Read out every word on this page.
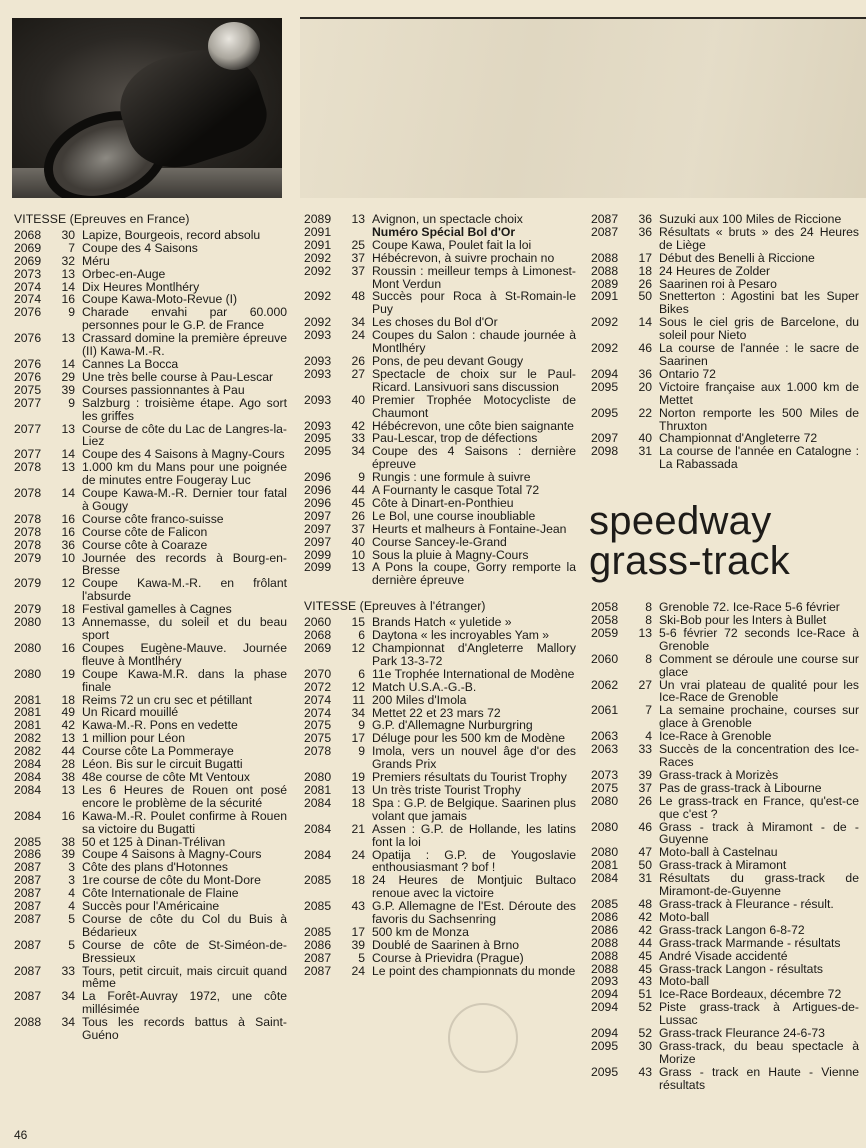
VITESSE (Epreuves en France)
2068	30 Lapize, Bourgeois, record absolu
2069	7 Coupe des 4 Saisons
2069	32 Méru
2073	13 Orbec-en-Auge
2074	14 Dix Heures Montlhéry
2074	16 Coupe Kawa-Moto-Revue (I)
2076	9 Charade envahi par 60.000 personnes pour le G.P. de France
2076	13 Crassard domine la première épreuve (II) Kawa-M.-R.
2076	14 Cannes La Bocca
2076	29 Une très belle course à Pau-Lescar
2075	39 Courses passionnantes à Pau
2077	9 Salzburg : troisième étape. Ago sort les griffes
2077	13 Course de côte du Lac de Langres-la-Liez
2077	14 Coupe des 4 Saisons à Magny-Cours
2078	13 1.000 km du Mans pour une poignée de minutes entre Fougeray Luc
2078	14 Coupe Kawa-M.-R. Dernier tour fatal à Gougy
2078	16 Course côte franco-suisse
2078	16 Course côte de Falicon
2078	36 Course côte à Coaraze
2079	10 Journée des records à Bourg-en-Bresse
2079	12 Coupe Kawa-M.-R. en frôlant l'absurde
2079	18 Festival gamelles à Cagnes
2080	13 Annemasse, du soleil et du beau sport
2080	16 Coupes Eugène-Mauve. Journée fleuve à Montlhéry
2080	19 Coupe Kawa-M.R. dans la phase finale
2081	18 Reims 72 un cru sec et pétillant
2081	49 Un Ricard mouillé
2081	42 Kawa-M.-R. Pons en vedette
2082	13 1 million pour Léon
2082	44 Course côte La Pommeraye
2084	28 Léon. Bis sur le circuit Bugatti
2084	38 48e course de côte Mt Ventoux
2084	13 Les 6 Heures de Rouen ont posé encore le problème de la sécurité
2084	16 Kawa-M.-R. Poulet confirme à Rouen sa victoire du Bugatti
2085	38 50 et 125 à Dinan-Trélivan
2086	39 Coupe 4 Saisons à Magny-Cours
2087	3 Côte des plans d'Hotonnes
2087	3 1re course de côte du Mont-Dore
2087	4 Côte Internationale de Flaine
2087	4 Succès pour l'Américaine
2087	5 Course de côte du Col du Buis à Bédarieux
2087	5 Course de côte de St-Siméon-de-Bressieux
2087	33 Tours, petit circuit, mais circuit quand même
2087	34 La Forêt-Auvray 1972, une côte millésimée
2088	34 Tous les records battus à Saint-Guéno
2089	13 Avignon, un spectacle choix
2091	Numéro Spécial Bol d'Or
2091	25 Coupe Kawa, Poulet fait la loi
2092	37 Hébécrevon, à suivre prochain no
2092	37 Roussin : meilleur temps à Limonest-Mont Verdun
2092	48 Succès pour Roca à St-Romain-le Puy
2092	34 Les choses du Bol d'Or
2093	24 Coupes du Salon : chaude journée à Montlhéry
2093	26 Pons, de peu devant Gougy
2093	27 Spectacle de choix sur le Paul-Ricard. Lansivuori sans discussion
2093	40 Premier Trophée Motocycliste de Chaumont
2093	42 Hébécrevon, une côte bien saignante
2095	33 Pau-Lescar, trop de défections
2095	34 Coupe des 4 Saisons : dernière épreuve
2096	9 Rungis : une formule à suivre
2096	44 A Fournanty le casque Total 72
2096	45 Côte à Dinart-en-Ponthieu
2097	26 Le Bol, une course inoubliable
2097	37 Heurts et malheurs à Fontaine-Jean
2097	40 Course Sancey-le-Grand
2099	10 Sous la pluie à Magny-Cours
2099	13 A Pons la coupe, Gorry remporte la dernière épreuve
VITESSE (Epreuves à l'étranger)
2060	15 Brands Hatch « yuletide »
2068	6 Daytona « les incroyables Yam »
2069	12 Championnat d'Angleterre Mallory Park 13-3-72
2070	6 11e Trophée International de Modène
2072	12 Match U.S.A.-G.-B.
2074	11 200 Miles d'Imola
2074	34 Mettet 22 et 23 mars 72
2075	9 G.P. d'Allemagne Nurburgring
2075	17 Déluge pour les 500 km de Modène
2078	9 Imola, vers un nouvel âge d'or des Grands Prix
2080	19 Premiers résultats du Tourist Trophy
2081	13 Un très triste Tourist Trophy
2084	18 Spa : G.P. de Belgique. Saarinen plus volant que jamais
2084	21 Assen : G.P. de Hollande, les latins font la loi
2084	24 Opatija : G.P. de Yougoslavie enthousiasmant ? bof !
2085	18 24 Heures de Montjuic Bultaco renoue avec la victoire
2085	43 G.P. Allemagne de l'Est. Déroute des favoris du Sachsenring
2085	17 500 km de Monza
2086	39 Doublé de Saarinen à Brno
2087	5 Course à Prievidra (Prague)
2087	24 Le point des championnats du monde
2087	36 Suzuki aux 100 Miles de Riccione
2087	36 Résultats « bruts » des 24 Heures de Liège
2088	17 Début des Benelli à Riccione
2088	18 24 Heures de Zolder
2089	26 Saarinen roi à Pesaro
2091	50 Snetterton : Agostini bat les Super Bikes
2092	14 Sous le ciel gris de Barcelone, du soleil pour Nieto
2092	46 La course de l'année : le sacre de Saarinen
2094	36 Ontario 72
2095	20 Victoire française aux 1.000 km de Mettet
2095	22 Norton remporte les 500 Miles de Thruxton
2097	40 Championnat d'Angleterre 72
2098	31 La course de l'année en Catalogne : La Rabassada
speedway
grass-track
2058	8 Grenoble 72. Ice-Race 5-6 février
2058	8 Ski-Bob pour les Inters à Bullet
2059	13 5-6 février 72 seconds Ice-Race à Grenoble
2060	8 Comment se déroule une course sur glace
2062	27 Un vrai plateau de qualité pour les Ice-Race de Grenoble
2061	7 La semaine prochaine, courses sur glace à Grenoble
2063	4 Ice-Race à Grenoble
2063	33 Succès de la concentration des Ice-Races
2073	39 Grass-track à Morizès
2075	37 Pas de grass-track à Libourne
2080	26 Le grass-track en France, qu'est-ce que c'est ?
2080	46 Grass - track à Miramont - de - Guyenne
2080	47 Moto-ball à Castelnau
2081	50 Grass-track à Miramont
2084	31 Résultats du grass-track de Miramont-de-Guyenne
2085	48 Grass-track à Fleurance - résult.
2086	42 Moto-ball
2086	42 Grass-track Langon 6-8-72
2088	44 Grass-track Marmande - résultats
2088	45 André Visade accidenté
2088	45 Grass-track Langon - résultats
2093	43 Moto-ball
2094	51 Ice-Race Bordeaux, décembre 72
2094	52 Piste grass-track à Artigues-de-Lussac
2094	52 Grass-track Fleurance 24-6-73
2095	30 Grass-track, du beau spectacle à Morize
2095	43 Grass - track en Haute - Vienne résultats
46
